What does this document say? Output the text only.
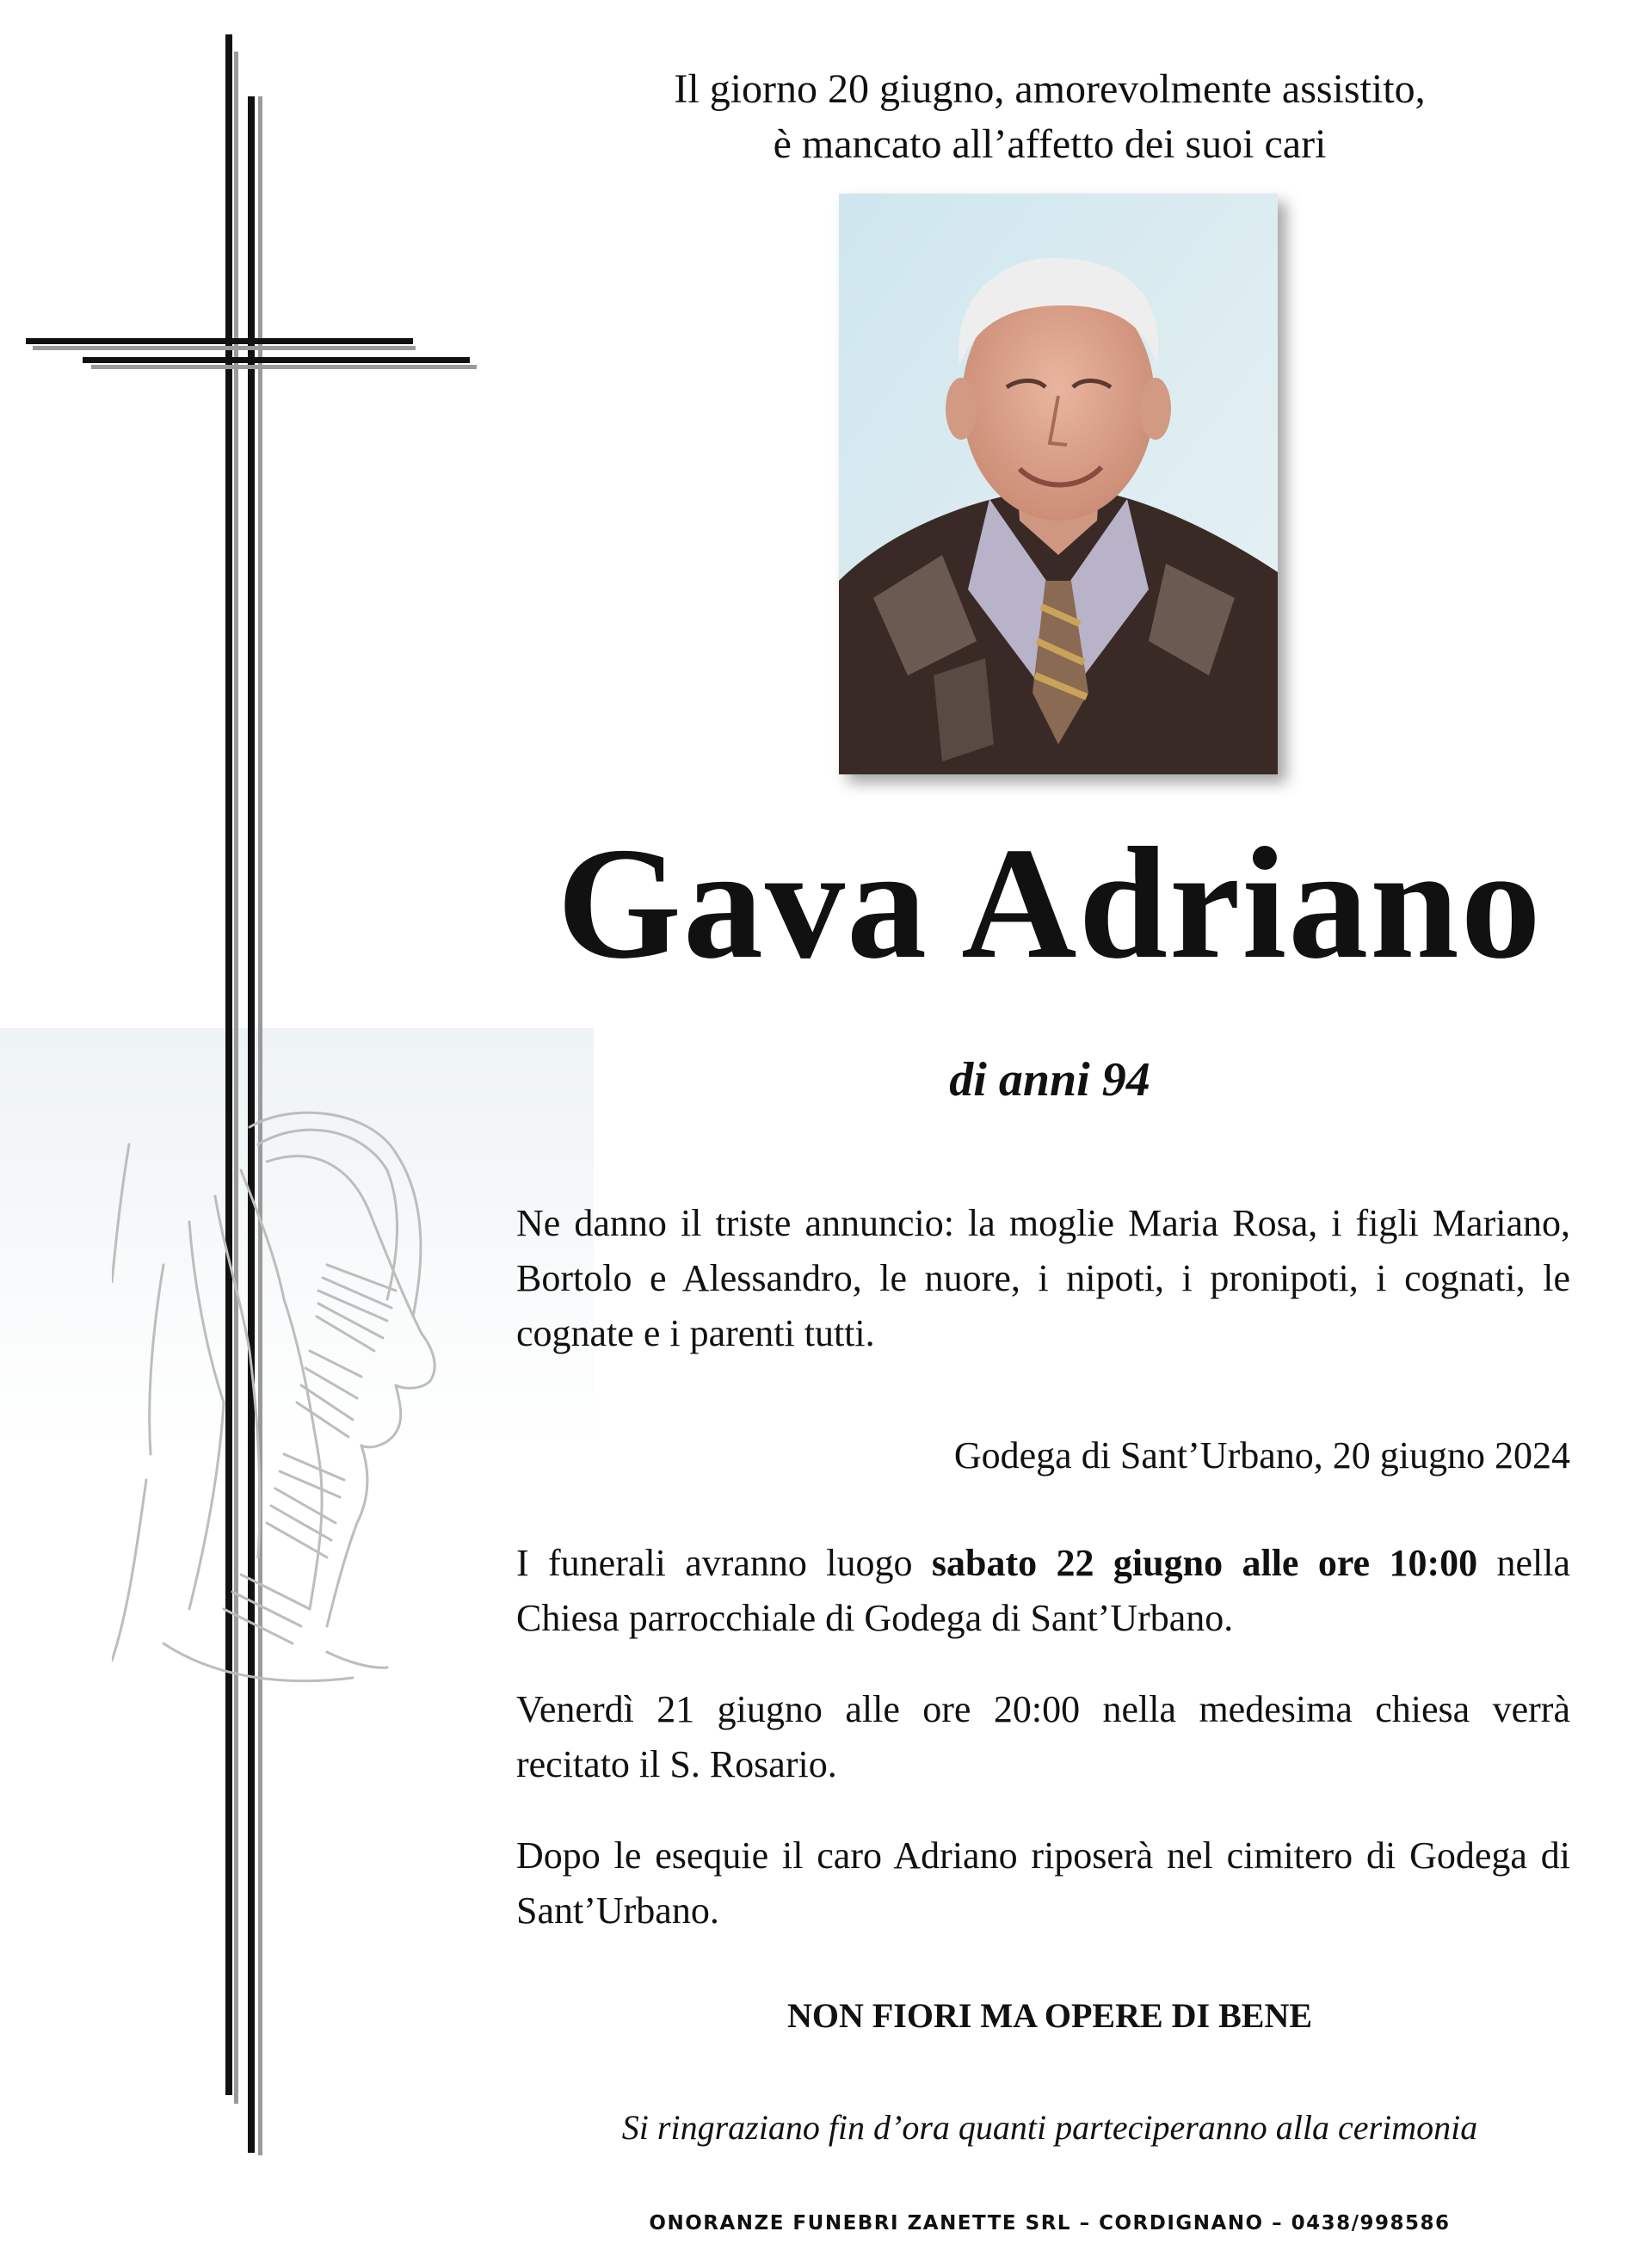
Il giorno 20 giugno, amorevolmente assistito,
è mancato all’affetto dei suoi cari
Gava Adriano
di anni 94
Ne danno il triste annuncio: la moglie Maria Rosa, i figli Mariano, Bortolo e Alessandro, le nuore, i nipoti, i pronipoti, i cognati, le cognate e i parenti tutti.
Godega di Sant’Urbano, 20 giugno 2024
I funerali avranno luogo sabato 22 giugno alle ore 10:00 nella Chiesa parrocchiale di Godega di Sant’Urbano.
Venerdì 21 giugno alle ore 20:00 nella medesima chiesa verrà recitato il S. Rosario.
Dopo le esequie il caro Adriano riposerà nel cimitero di Godega di Sant’Urbano.
NON FIORI MA OPERE DI BENE
Si ringraziano fin d’ora quanti parteciperanno alla cerimonia
ONORANZE FUNEBRI ZANETTE SRL – CORDIGNANO – 0438/998586
